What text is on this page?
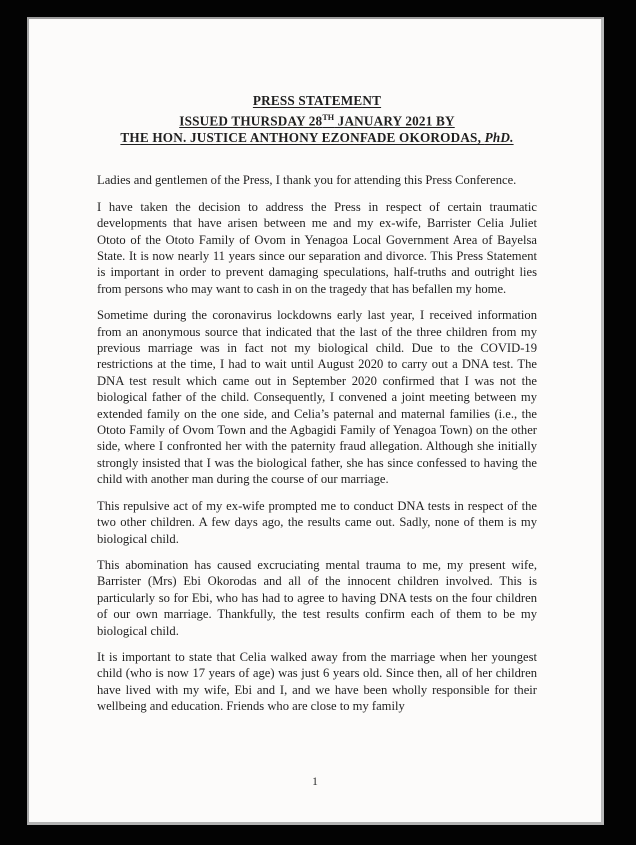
PRESS STATEMENT
ISSUED THURSDAY 28TH JANUARY 2021 BY
THE HON. JUSTICE ANTHONY EZONFADE OKORODAS, PhD.

Ladies and gentlemen of the Press, I thank you for attending this Press Conference.

I have taken the decision to address the Press in respect of certain traumatic developments that have arisen between me and my ex-wife, Barrister Celia Juliet Ototo of the Ototo Family of Ovom in Yenagoa Local Government Area of Bayelsa State. It is now nearly 11 years since our separation and divorce. This Press Statement is important in order to prevent damaging speculations, half-truths and outright lies from persons who may want to cash in on the tragedy that has befallen my home.

Sometime during the coronavirus lockdowns early last year, I received information from an anonymous source that indicated that the last of the three children from my previous marriage was in fact not my biological child. Due to the COVID-19 restrictions at the time, I had to wait until August 2020 to carry out a DNA test. The DNA test result which came out in September 2020 confirmed that I was not the biological father of the child. Consequently, I convened a joint meeting between my extended family on the one side, and Celia’s paternal and maternal families (i.e., the Ototo Family of Ovom Town and the Agbagidi Family of Yenagoa Town) on the other side, where I confronted her with the paternity fraud allegation. Although she initially strongly insisted that I was the biological father, she has since confessed to having the child with another man during the course of our marriage.

This repulsive act of my ex-wife prompted me to conduct DNA tests in respect of the two other children. A few days ago, the results came out. Sadly, none of them is my biological child.

This abomination has caused excruciating mental trauma to me, my present wife, Barrister (Mrs) Ebi Okorodas and all of the innocent children involved. This is particularly so for Ebi, who has had to agree to having DNA tests on the four children of our own marriage. Thankfully, the test results confirm each of them to be my biological child.

It is important to state that Celia walked away from the marriage when her youngest child (who is now 17 years of age) was just 6 years old. Since then, all of her children have lived with my wife, Ebi and I, and we have been wholly responsible for their wellbeing and education. Friends who are close to my family

1
